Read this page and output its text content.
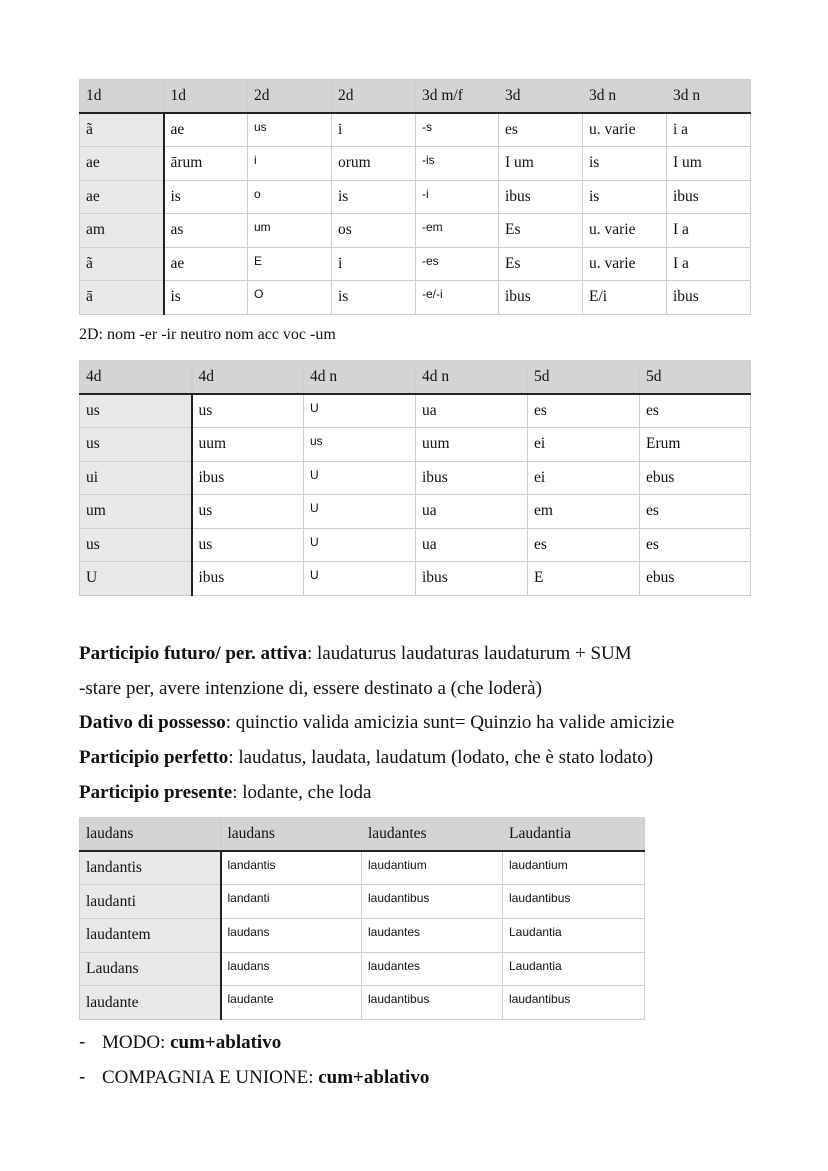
1d	1d	2d	2d	3d m/f	3d	3d n	3d n
ã	ae	us	i	-s	es	u. varie	i a
ae	ārum	i	orum	-is	I um	is	I um
ae	is	o	is	-i	ibus	is	ibus
am	as	um	os	-em	Es	u. varie	I a
ã	ae	E	i	-es	Es	u. varie	I a
ā	is	O	is	-e/-i	ibus	E/i	ibus
2D: nom -er -ir neutro nom acc voc -um
4d	4d	4d n	4d n	5d	5d
us	us	U	ua	es	es
us	uum	us	uum	ei	Erum
ui	ibus	U	ibus	ei	ebus
um	us	U	ua	em	es
us	us	U	ua	es	es
U	ibus	U	ibus	E	ebus
Participio futuro/ per. attiva: laudaturus laudaturas laudaturum + SUM
-stare per, avere intenzione di, essere destinato a (che loderà)
Dativo di possesso: quinctio valida amicizia sunt= Quinzio ha valide amicizie
Participio perfetto: laudatus, laudata, laudatum (lodato, che è stato lodato)
Participio presente: lodante, che loda
laudans	laudans	laudantes	Laudantia
landantis	landantis	laudantium	laudantium
laudanti	landanti	laudantibus	laudantibus
laudantem	laudans	laudantes	Laudantia
Laudans	laudans	laudantes	Laudantia
laudante	laudante	laudantibus	laudantibus
- MODO: cum+ablativo
- COMPAGNIA E UNIONE: cum+ablativo
